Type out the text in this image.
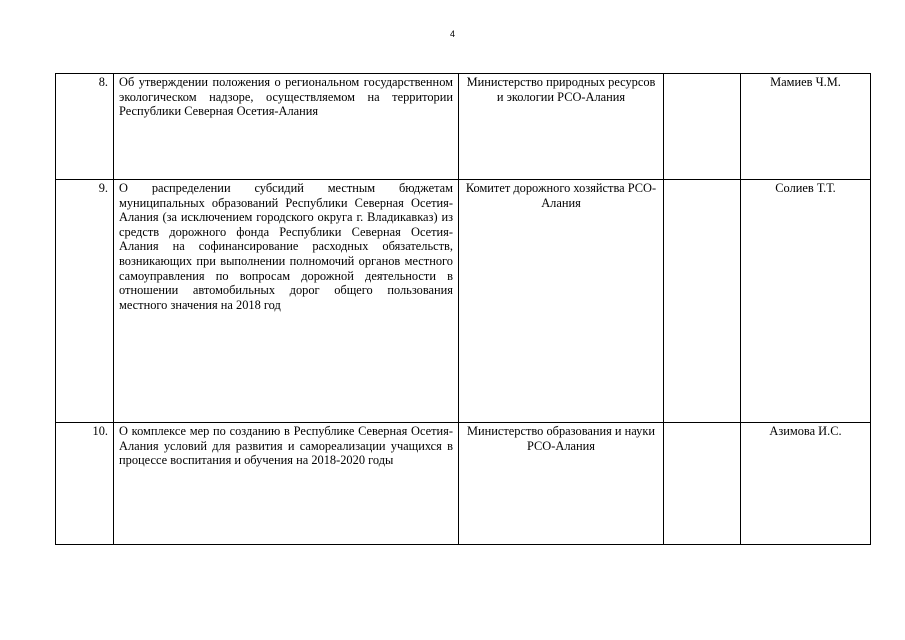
4
8.	Об утверждении положения о региональном государственном экологическом надзоре, осуществляемом на территории Республики Северная Осетия-Алания	Министерство природных ресурсов и экологии РСО-Алания		Мамиев Ч.М.
9.	О распределении субсидий местным бюджетам муниципальных образований Республики Северная Осетия-Алания (за исключением городского округа г. Владикавказ) из средств дорожного фонда Республики Северная Осетия-Алания на софинансирование расходных обязательств, возникающих при выполнении полномочий органов местного самоуправления по вопросам дорожной деятельности в отношении автомобильных дорог общего пользования местного значения на 2018 год	Комитет дорожного хозяйства РСО-Алания		Солиев Т.Т.
10.	О комплексе мер по созданию в Республике Северная Осетия-Алания условий для развития и самореализации учащихся в процессе воспитания и обучения на 2018-2020 годы	Министерство образования и науки РСО-Алания		Азимова И.С.
